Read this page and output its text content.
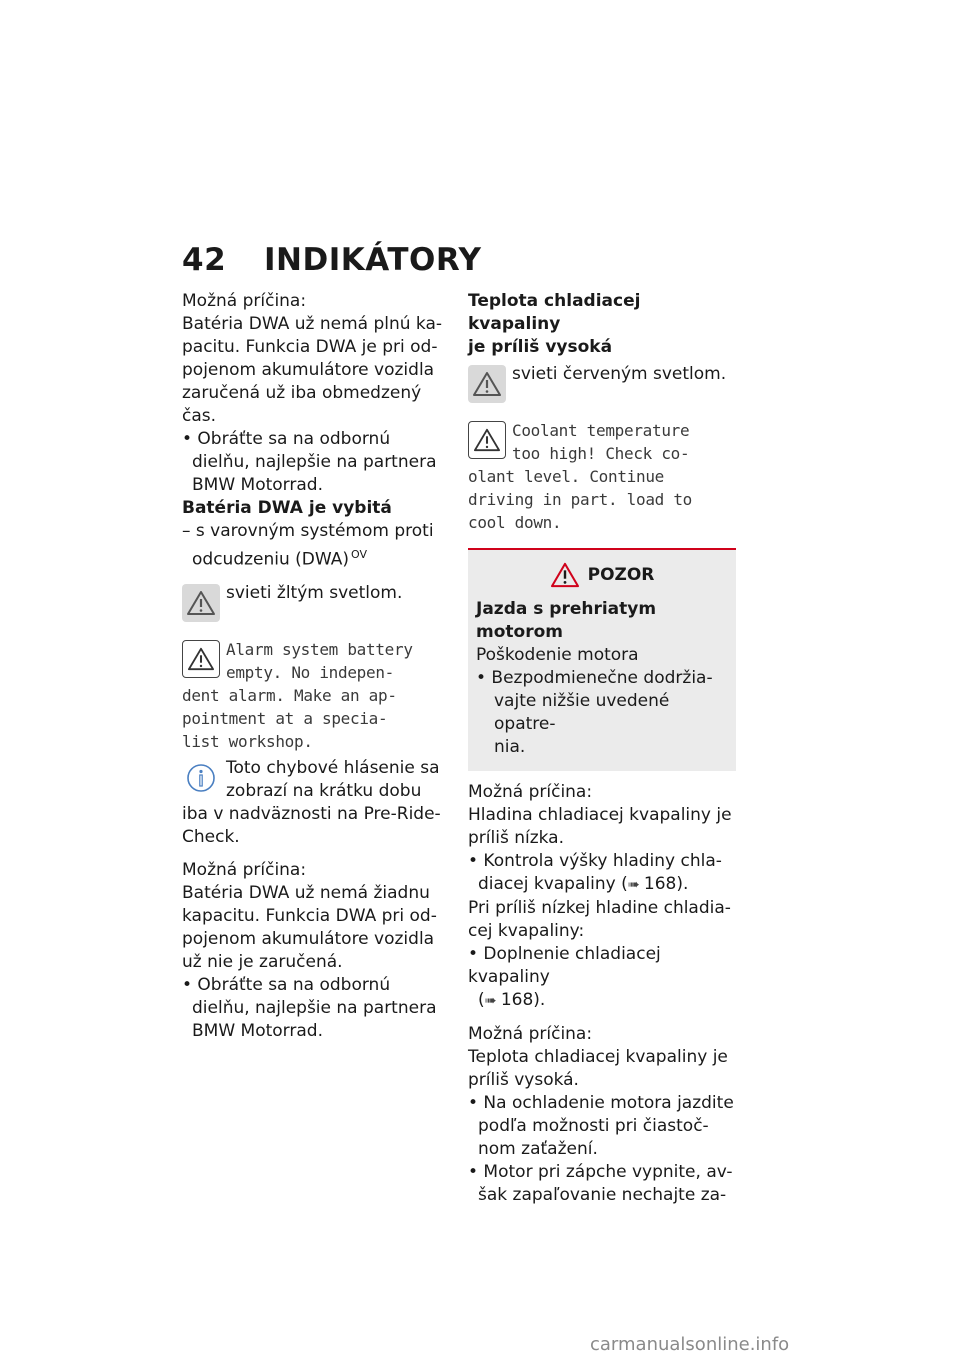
42 INDIKÁTORY

Možná príčina:

Batéria DWA už nemá plnú ka-

pacitu. Funkcia DWA je pri od-

pojenom akumulátore vozidla

zaručená už iba obmedzený

čas.

• Obráťte sa na odbornú

dielňu, najlepšie na partnera

BMW Motorrad.

Batéria DWA je vybitá

– s varovným systémom proti

odcudzeniu (DWA) $^{OV}$

svieti žltým svetlom.

Alarm system battery

empty. No indepen-

dent alarm. Make an ap-

pointment at a specia-

list workshop.

Toto chybové hlásenie sa

zobrazí na krátku dobu

iba v nadväznosti na Pre-Ride-

Check.

Možná príčina:

Batéria DWA už nemá žiadnu

kapacitu. Funkcia DWA pri od-

pojenom akumulátore vozidla

už nie je zaručená.

• Obráťte sa na odbornú

dielňu, najlepšie na partnera

BMW Motorrad.

Teplota chladiacej kvapaliny

je príliš vysoká

svieti červeným svetlom.

Coolant temperature

too high! Check co-

olant level. Continue

driving in part. load to

cool down.

POZOR

Jazda s prehriatym motorom

Poškodenie motora

• Bezpodmienečne dodržia-

vajte nižšie uvedené opatre-

nia.

Možná príčina:

Hladina chladiacej kvapaliny je

príliš nízka.

• Kontrola výšky hladiny chla-

diacej kvapaliny (➠ 168).

Pri príliš nízkej hladine chladia-

cej kvapaliny:

• Doplnenie chladiacej kvapaliny

(➠ 168).

Možná príčina:

Teplota chladiacej kvapaliny je

príliš vysoká.

• Na ochladenie motora jazdite

podľa možnosti pri čiastoč-

nom zaťažení.

• Motor pri zápche vypnite, av-

šak zapaľovanie nechajte za-

carmanualsonline.info
